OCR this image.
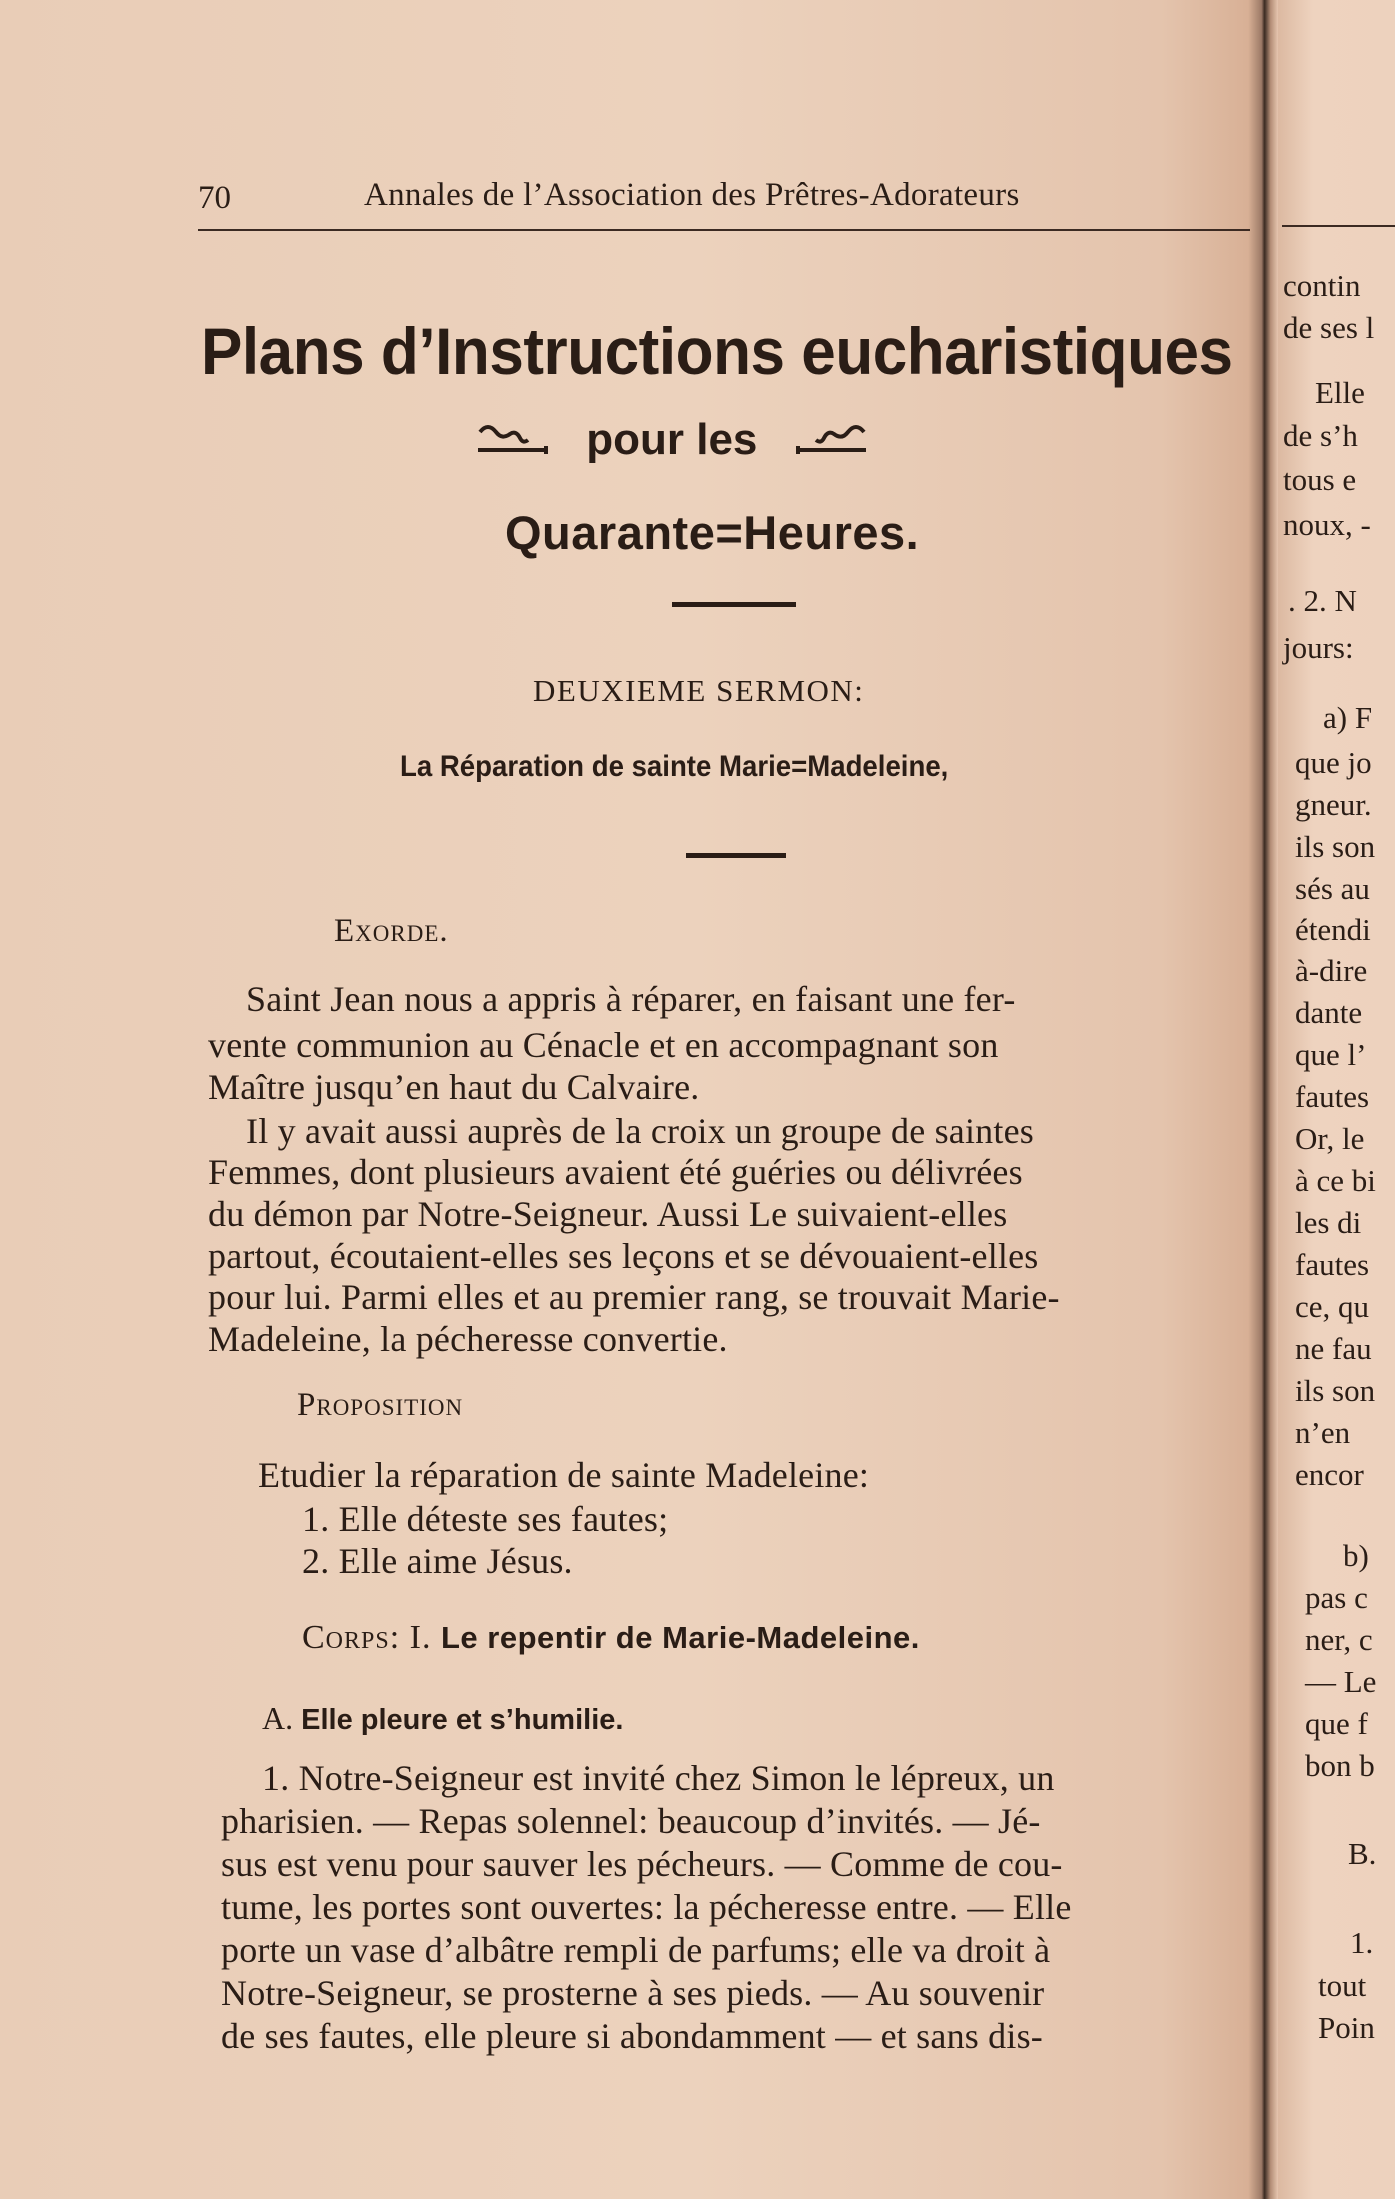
70	Annales de l’Association des Prêtres-Adorateurs
Plans d’Instructions eucharistiques
pour les
Quarante=Heures.
DEUXIEME SERMON:
La Réparation de sainte Marie=Madeleine,
Exorde.
Saint Jean nous a appris à réparer, en faisant une fer-
vente communion au Cénacle et en accompagnant son
Maître jusqu’en haut du Calvaire.
Il y avait aussi auprès de la croix un groupe de saintes
Femmes, dont plusieurs avaient été guéries ou délivrées
du démon par Notre-Seigneur. Aussi Le suivaient-elles
partout, écoutaient-elles ses leçons et se dévouaient-elles
pour lui. Parmi elles et au premier rang, se trouvait Marie-
Madeleine, la pécheresse convertie.
Proposition
Etudier la réparation de sainte Madeleine:
1. Elle déteste ses fautes;
2. Elle aime Jésus.
Corps: I. Le repentir de Marie-Madeleine.
A. Elle pleure et s’humilie.
1. Notre-Seigneur est invité chez Simon le lépreux, un
pharisien. — Repas solennel: beaucoup d’invités. — Jé-
sus est venu pour sauver les pécheurs. — Comme de cou-
tume, les portes sont ouvertes: la pécheresse entre. — Elle
porte un vase d’albâtre rempli de parfums; elle va droit à
Notre-Seigneur, se prosterne à ses pieds. — Au souvenir
de ses fautes, elle pleure si abondamment — et sans dis-
contin
de ses l
Elle
de s’h
tous e
noux, -
. 2. N
jours:
a) F
que jo
gneur.
ils son
sés au
étendi
à-dire
dante
que l’
fautes
Or, le
à ce bi
les di
fautes
ce, qu
ne fau
ils son
n’en
encor
b)
pas c
ner, c
— Le
que f
bon b
B.
1.
tout
Poin
